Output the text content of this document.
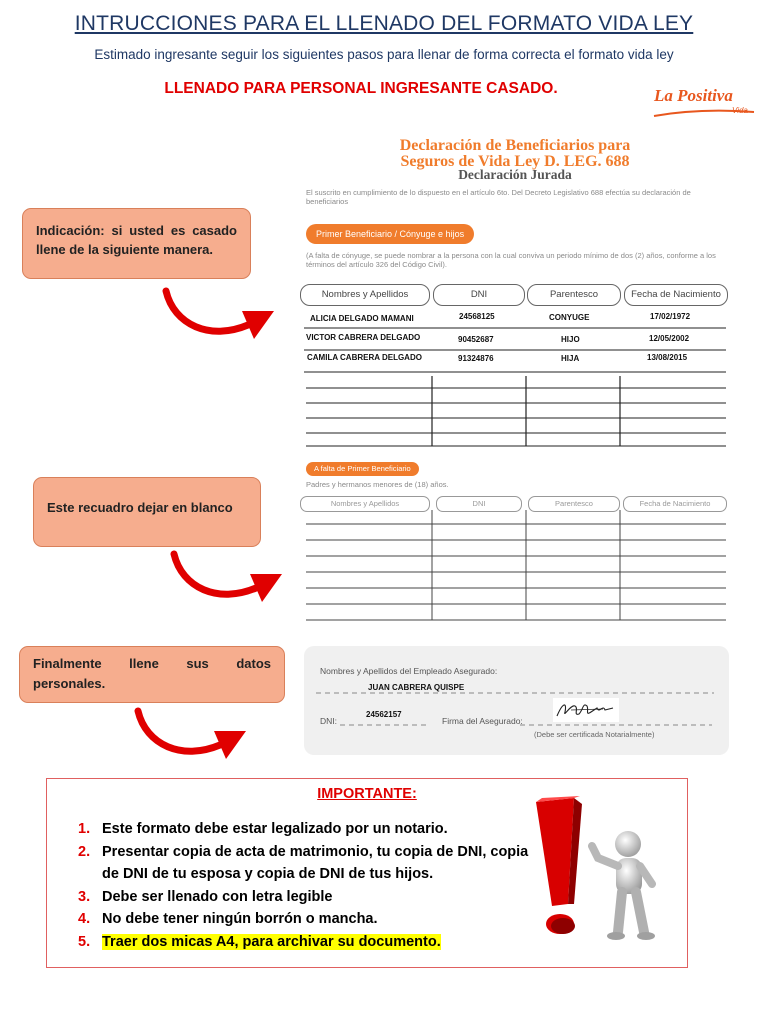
INTRUCCIONES PARA EL LLENADO DEL FORMATO VIDA LEY
Estimado ingresante seguir los siguientes pasos para llenar de forma correcta el formato vida ley
LLENADO PARA PERSONAL INGRESANTE CASADO.	La Positiva
Vida
Declaración de Beneficiarios para
Seguros de Vida Ley D. LEG. 688
Declaración Jurada
El suscrito en cumplimiento de lo dispuesto en el artículo 6to. Del Decreto Legislativo 688 efectúa su declaración de beneficiarios
Primer Beneficiario / Cónyuge e hijos
(A falta de cónyuge, se puede nombrar a la persona con la cual conviva un periodo mínimo de dos (2) años, conforme a los términos del artículo 326 del Código Civil).
Nombres y Apellidos	DNI	Parentesco	Fecha de Nacimiento
ALICIA DELGADO MAMANI	24568125	CONYUGE	17/02/1972
VICTOR CABRERA DELGADO	90452687	HIJO	12/05/2002
CAMILA CABRERA DELGADO	91324876	HIJA	13/08/2015
A falta de Primer Beneficiario
Padres y hermanos menores de (18) años.
Nombres y Apellidos	DNI	Parentesco	Fecha de Nacimiento
Nombres y Apellidos del Empleado Asegurado:
JUAN CABRERA QUISPE
DNI:
24562157
Firma del Asegurado:
(Debe ser certificada Notarialmente)
Indicación: si usted es casado llene de la siguiente manera.
Este recuadro dejar en blanco
Finalmente llene sus datos personales.
IMPORTANTE:
1. Este formato debe estar legalizado por un notario.
2. Presentar copia de acta de matrimonio, tu copia de DNI, copia de DNI de tu esposa y copia de DNI de tus hijos.
3. Debe ser llenado con letra legible
4. No debe tener ningún borrón o mancha.
5. Traer dos micas A4, para archivar su documento.
